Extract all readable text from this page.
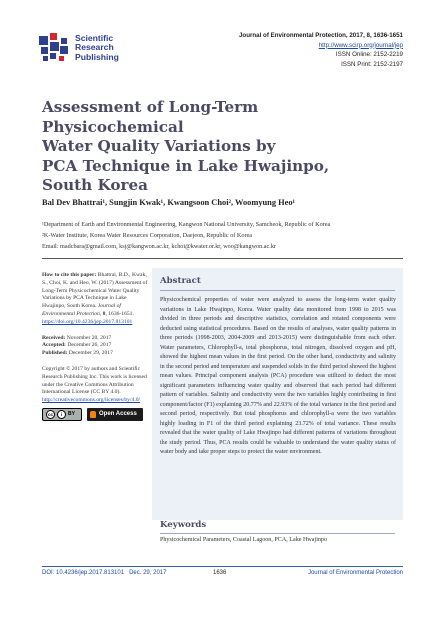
Scientific
Research
Publishing
Journal of Environmental Protection, 2017, 8, 1636-1651
http://www.scirp.org/journal/jep
ISSN Online: 2152-2219
ISSN Print: 2152-2197
Assessment of Long-Term Physicochemical
Water Quality Variations by
PCA Technique in Lake Hwajinpo,
South Korea
Bal Dev Bhattrai¹, Sungjin Kwak¹, Kwangsoon Choi², Woomyung Heo¹
¹Department of Earth and Environmental Engineering, Kangwon National University, Samcheok, Republic of Korea
²K-Water Institute, Korea Water Resources Corporation, Daejeon, Republic of Korea
Email: madcbara@gmail.com, ksj@kangwon.ac.kr, kchoi@kwater.or.kr, woo@kangwon.ac.kr
How to cite this paper: Bhattrai, B.D., Kwak, S., Choi, K. and Heo, W. (2017) Assessment of Long-Term Physicochemical Water Quality Variations by PCA Technique in Lake Hwajinpo, South Korea. Journal of Environmental Protection, 8, 1636-1651.
https://doi.org/10.4236/jep.2017.813101
Received: November 20, 2017
Accepted: December 26, 2017
Published: December 29, 2017
Copyright © 2017 by authors and Scientific Research Publishing Inc. This work is licensed under the Creative Commons Attribution International License (CC BY 4.0).
http://creativecommons.org/licenses/by/4.0/
cc	i	BY	Open Access
Abstract
Physicochemical properties of water were analyzed to assess the long-term water quality variations in Lake Hwajinpo, Korea. Water quality data monitored from 1998 to 2015 was divided in three periods and descriptive statistics, correlation and rotated components were deducted using statistical procedures. Based on the results of analyses, water quality patterns in three periods (1998-2003, 2004-2009 and 2013-2015) were distinguishable from each other. Water parameters, Chlorophyll-a, total phosphorus, total nitrogen, dissolved oxygen and pH, showed the highest mean values in the first period. On the other hand, conductivity and salinity in the second period and temperature and suspended solids in the third period showed the highest mean values. Principal component analysis (PCA) procedure was utilized to deduct the most significant parameters influencing water quality and observed that each period had different pattern of variables. Salinity and conductivity were the two variables highly contributing in first component/factor (F1) explaining 20.77% and 22.93% of the total variance in the first period and second period, respectively. But total phosphorus and chlorophyll-a were the two variables highly loading in F1 of the third period explaining 23.72% of total variance. These results revealed that the water quality of Lake Hwajinpo had different patterns of variations throughout the study period. Thus, PCA results could be valuable to understand the water quality status of water body and take proper steps to protect the water environment.
Keywords
Physicochemical Parameters, Coastal Lagoon, PCA, Lake Hwajinpo
DOI: 10.4236/jep.2017.813101 Dec. 29, 2017	1636	Journal of Environmental Protection
